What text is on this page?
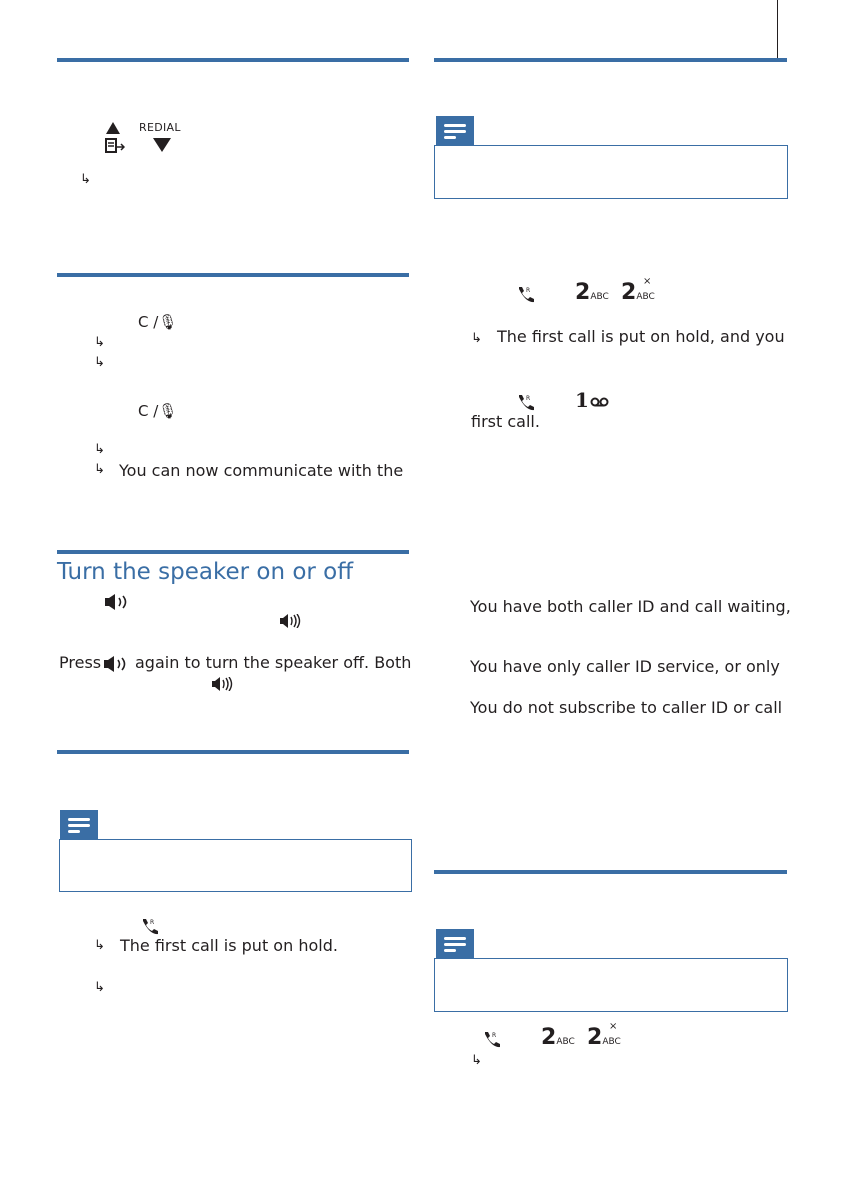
REDIAL
↳
C /🎙
↳
↳
C /🎙
↳
↳ You can now communicate with the
Turn the speaker on or off
Press again to turn the speaker off. Both
R
↳ The first call is put on hold.
↳
R 2ABC 2ABC
×
↳ The first call is put on hold, and you
R 1
first call.
You have both caller ID and call waiting,
You have only caller ID service, or only
You do not subscribe to caller ID or call
R 2ABC 2ABC
×
↳
